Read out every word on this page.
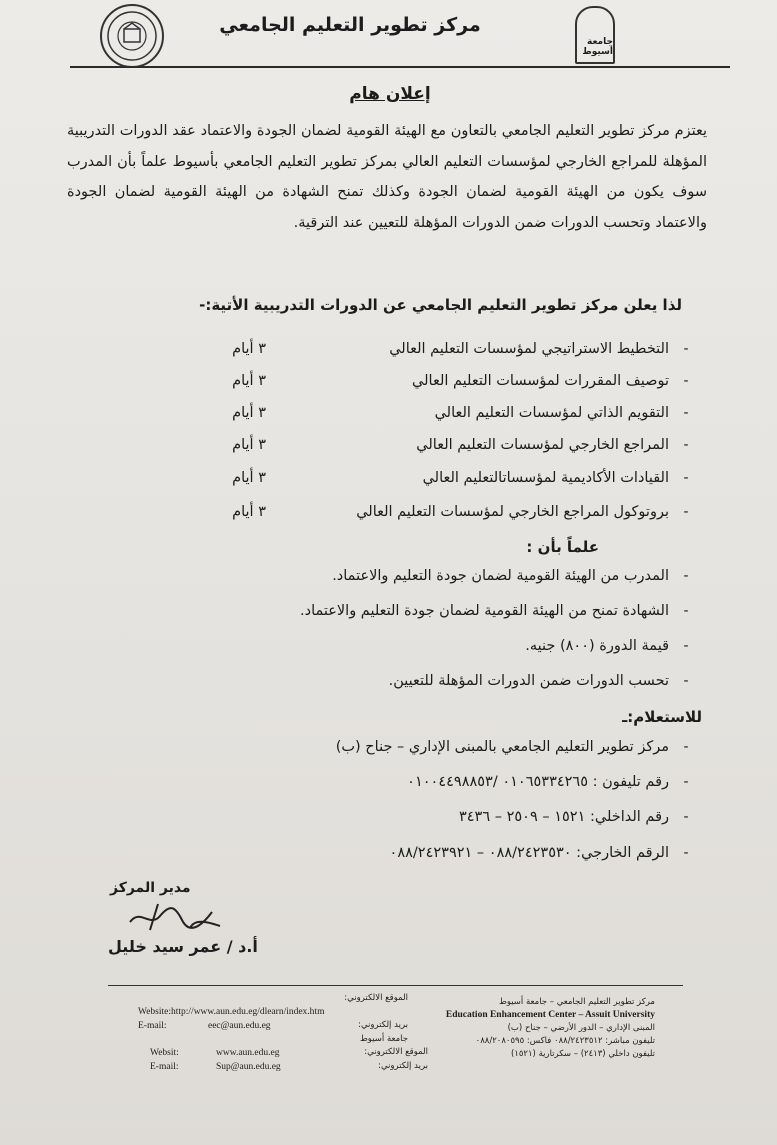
مركز تطوير التعليم الجامعي
جامعة أسيوط
إعلان هام
يعتزم مركز تطوير التعليم الجامعي بالتعاون مع الهيئة القومية لضمان الجودة والاعتماد عقد الدورات التدريبية المؤهلة للمراجع الخارجي لمؤسسات التعليم العالي بمركز تطوير التعليم الجامعي بأسيوط علماً بأن المدرب سوف يكون من الهيئة القومية لضمان الجودة وكذلك تمنح الشهادة من الهيئة القومية لضمان الجودة والاعتماد وتحسب الدورات ضمن الدورات المؤهلة للتعيين عند الترقية.
لذا يعلن مركز تطوير التعليم الجامعي عن الدورات التدريبية الأتية:-
-
التخطيط الاستراتيجي لمؤسسات التعليم العالي
٣ أيام
-
توصيف المقررات لمؤسسات التعليم العالي
٣ أيام
-
التقويم الذاتي لمؤسسات التعليم العالي
٣ أيام
-
المراجع الخارجي لمؤسسات التعليم العالي
٣ أيام
-
القيادات الأكاديمية لمؤسساتالتعليم العالي
٣ أيام
-
بروتوكول المراجع الخارجي لمؤسسات التعليم العالي
٣ أيام
علماً بأن :
-
المدرب من الهيئة القومية لضمان جودة التعليم والاعتماد.
-
الشهادة تمنح من الهيئة القومية لضمان جودة التعليم والاعتماد.
-
قيمة الدورة (٨٠٠) جنيه.
-
تحسب الدورات ضمن الدورات المؤهلة للتعيين.
للاستعلام:ـ
-
مركز تطوير التعليم الجامعي بالمبنى الإداري – جناح (ب)
-
رقم تليفون : ٠١٠٦٥٣٣٤٢٦٥ /٠١٠٠٤٤٩٨٨٥٣
-
رقم الداخلي: ١٥٢١ – ٢٥٠٩ – ٣٤٣٦
-
الرقم الخارجي: ٠٨٨/٢٤٢٣٥٣٠ – ٠٨٨/٢٤٢٣٩٢١
مدير المركز
أ.د / عمر سيد خليل
مركز تطوير التعليم الجامعي – جامعة أسيوط
Education Enhancement Center – Assuit University
المبنى الإداري – الدور الأرضي – جناح (ب)
تليفون مباشر: ٠٨٨/٢٤٢٣٥١٢ فاكس: ٠٨٨/٢٠٨٠٥٩٥
تليفون داخلي (٢٤١٣) – سكرتارية (١٥٢١)
الموقع الالكتروني:
Website:http://www.aun.edu.eg/dlearn/index.htm
E-mail:	eec@aun.edu.eg	بريد إلكتروني:
جامعة أسيوط
Websit:	www.aun.edu.eg	الموقع الالكتروني:
E-mail:	Sup@aun.edu.eg	بريد إلكتروني:
